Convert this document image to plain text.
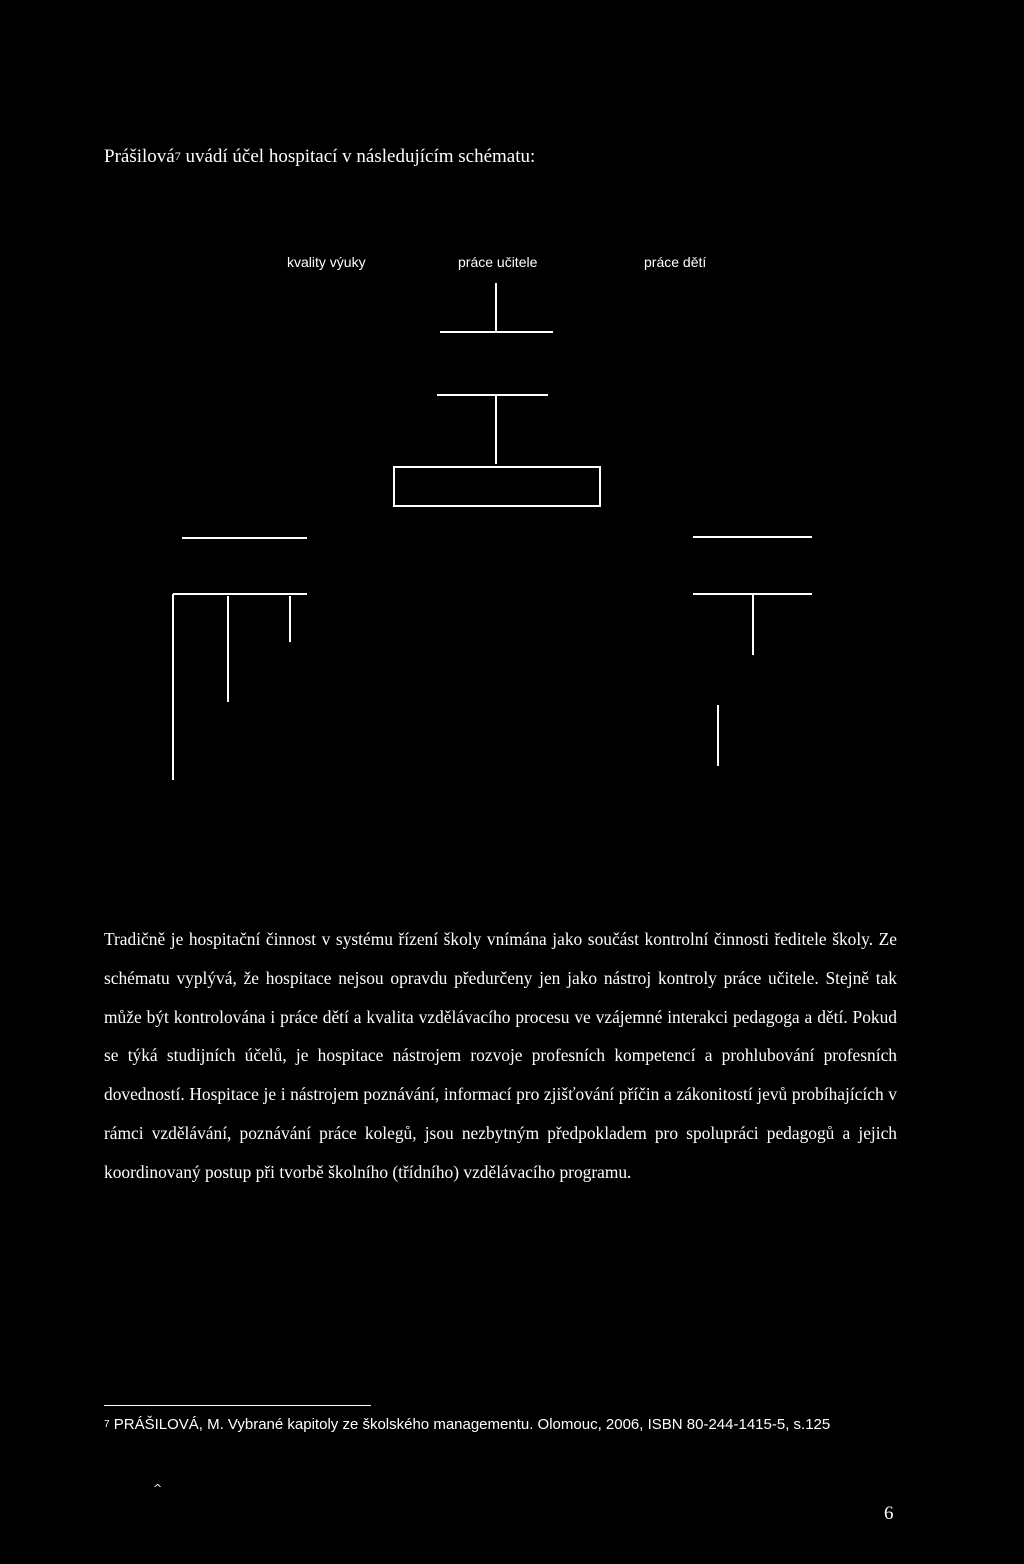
Prášilová$^7$ uvádí účel hospitací v následujícím schématu:

kvality výuky	práce učitele	práce dětí

Tradičně je hospitační činnost v systému řízení školy vnímána jako součást kontrolní činnosti ředitele školy. Ze schématu vyplývá, že hospitace nejsou opravdu předurčeny jen jako nástroj kontroly práce učitele. Stejně tak může být kontrolována i práce dětí a kvalita vzdělávacího procesu ve vzájemné interakci pedagoga a dětí. Pokud se týká studijních účelů, je hospitace nástrojem rozvoje profesních kompetencí a prohlubování profesních dovedností. Hospitace je i nástrojem poznávání, informací pro zjišťování příčin a zákonitostí jevů probíhajících v rámci vzdělávání, poznávání práce kolegů, jsou nezbytným předpokladem pro spolupráci pedagogů a jejich koordinovaný postup při tvorbě školního (třídního) vzdělávacího programu.

$^7$ PRÁŠILOVÁ, M. Vybrané kapitoly ze školského managementu. Olomouc, 2006, ISBN 80-244-1415-5, s.125

^
6
